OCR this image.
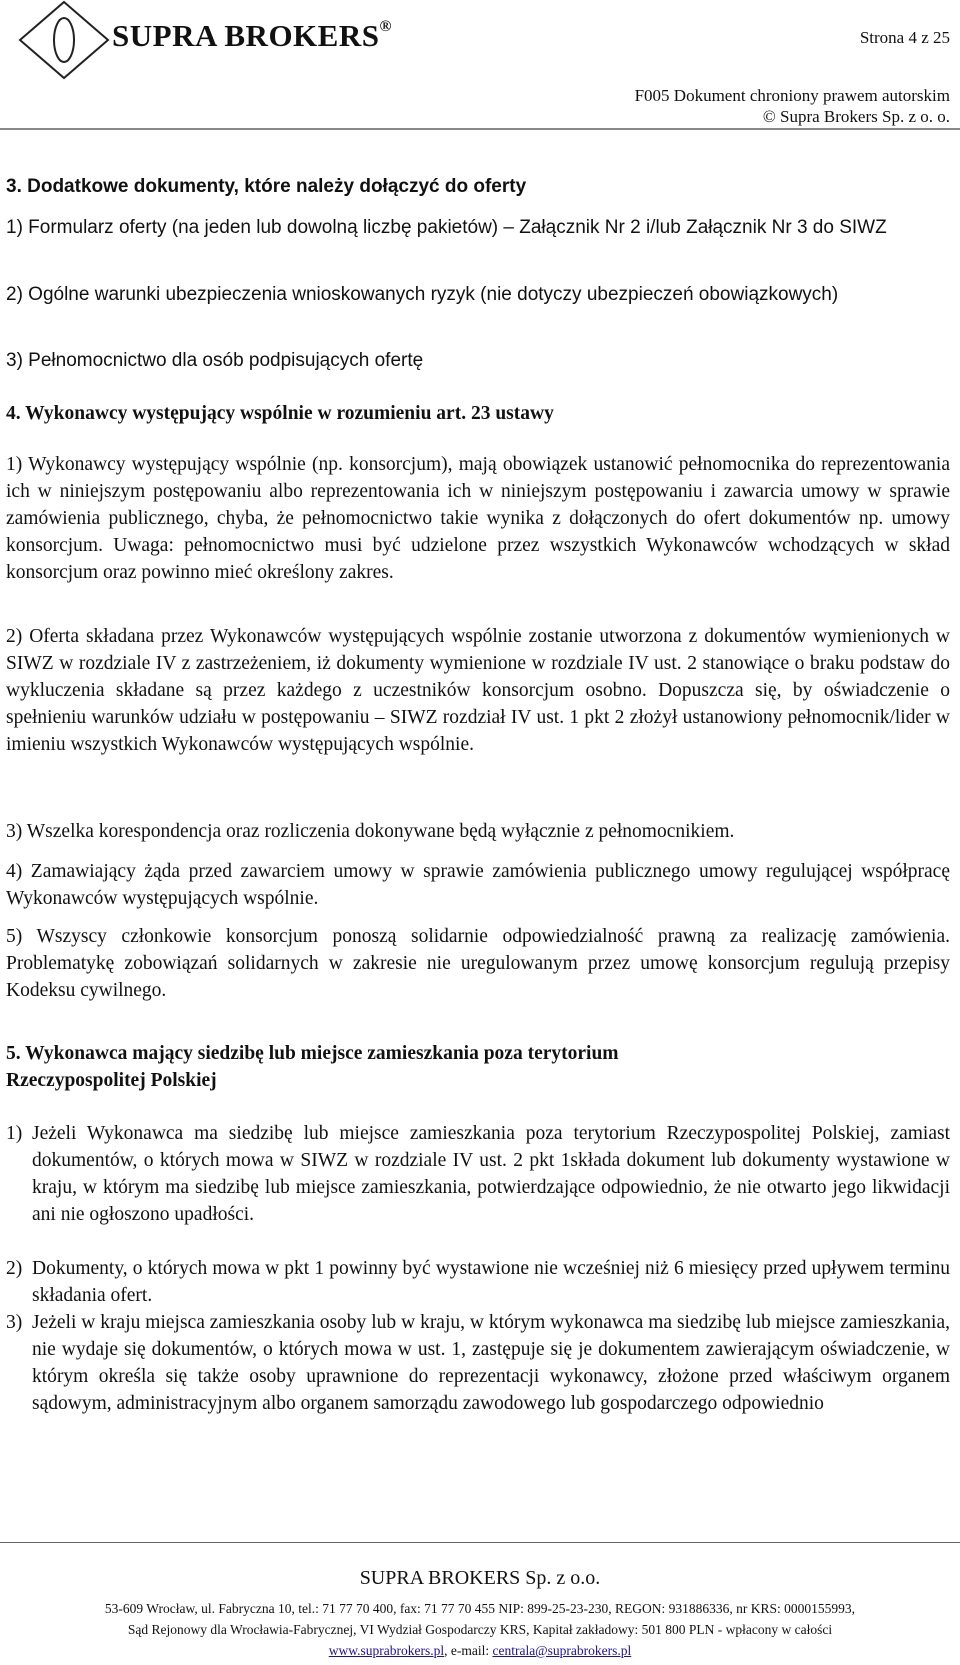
SUPRA BROKERS®
Strona 4 z 25
F005 Dokument chroniony prawem autorskim
© Supra Brokers Sp. z o. o.

3. Dodatkowe dokumenty, które należy dołączyć do oferty

1) Formularz oferty (na jeden lub dowolną liczbę pakietów) – Załącznik Nr 2 i/lub Załącznik Nr 3 do SIWZ

2) Ogólne warunki ubezpieczenia wnioskowanych ryzyk (nie dotyczy ubezpieczeń obowiązkowych)

3) Pełnomocnictwo dla osób podpisujących ofertę

4. Wykonawcy występujący wspólnie w rozumieniu art. 23 ustawy

1) Wykonawcy występujący wspólnie (np. konsorcjum), mają obowiązek ustanowić pełnomocnika do reprezentowania ich w niniejszym postępowaniu albo reprezentowania ich w niniejszym postępowaniu i zawarcia umowy w sprawie zamówienia publicznego, chyba, że pełnomocnictwo takie wynika z dołączonych do ofert dokumentów np. umowy konsorcjum. Uwaga: pełnomocnictwo musi być udzielone przez wszystkich Wykonawców wchodzących w skład konsorcjum oraz powinno mieć określony zakres.

2) Oferta składana przez Wykonawców występujących wspólnie zostanie utworzona z dokumentów wymienionych w SIWZ w rozdziale IV z zastrzeżeniem, iż dokumenty wymienione w rozdziale IV ust. 2 stanowiące o braku podstaw do wykluczenia składane są przez każdego z uczestników konsorcjum osobno. Dopuszcza się, by oświadczenie o spełnieniu warunków udziału w postępowaniu – SIWZ rozdział IV ust. 1 pkt 2 złożył ustanowiony pełnomocnik/lider w imieniu wszystkich Wykonawców występujących wspólnie.

3) Wszelka korespondencja oraz rozliczenia dokonywane będą wyłącznie z pełnomocnikiem.

4) Zamawiający żąda przed zawarciem umowy w sprawie zamówienia publicznego umowy regulującej współpracę Wykonawców występujących wspólnie.

5) Wszyscy członkowie konsorcjum ponoszą solidarnie odpowiedzialność prawną za realizację zamówienia. Problematykę zobowiązań solidarnych w zakresie nie uregulowanym przez umowę konsorcjum regulują przepisy Kodeksu cywilnego.

5. Wykonawca mający siedzibę lub miejsce zamieszkania poza terytorium

Rzeczypospolitej Polskiej

1) Jeżeli Wykonawca ma siedzibę lub miejsce zamieszkania poza terytorium Rzeczypospolitej Polskiej, zamiast dokumentów, o których mowa w SIWZ w rozdziale IV ust. 2 pkt 1składa dokument lub dokumenty wystawione w kraju, w którym ma siedzibę lub miejsce zamieszkania, potwierdzające odpowiednio, że nie otwarto jego likwidacji ani nie ogłoszono upadłości.
2) Dokumenty, o których mowa w pkt 1 powinny być wystawione nie wcześniej niż 6 miesięcy przed upływem terminu składania ofert.
3) Jeżeli w kraju miejsca zamieszkania osoby lub w kraju, w którym wykonawca ma siedzibę lub miejsce zamieszkania, nie wydaje się dokumentów, o których mowa w ust. 1, zastępuje się je dokumentem zawierającym oświadczenie, w którym określa się także osoby uprawnione do reprezentacji wykonawcy, złożone przed właściwym organem sądowym, administracyjnym albo organem samorządu zawodowego lub gospodarczego odpowiednio
SUPRA BROKERS Sp. z o.o.
53-609 Wrocław, ul. Fabryczna 10, tel.: 71 77 70 400, fax: 71 77 70 455 NIP: 899-25-23-230, REGON: 931886336, nr KRS: 0000155993,
Sąd Rejonowy dla Wrocławia-Fabrycznej, VI Wydział Gospodarczy KRS, Kapitał zakładowy: 501 800 PLN - wpłacony w całości
www.suprabrokers.pl, e-mail: centrala@suprabrokers.pl
